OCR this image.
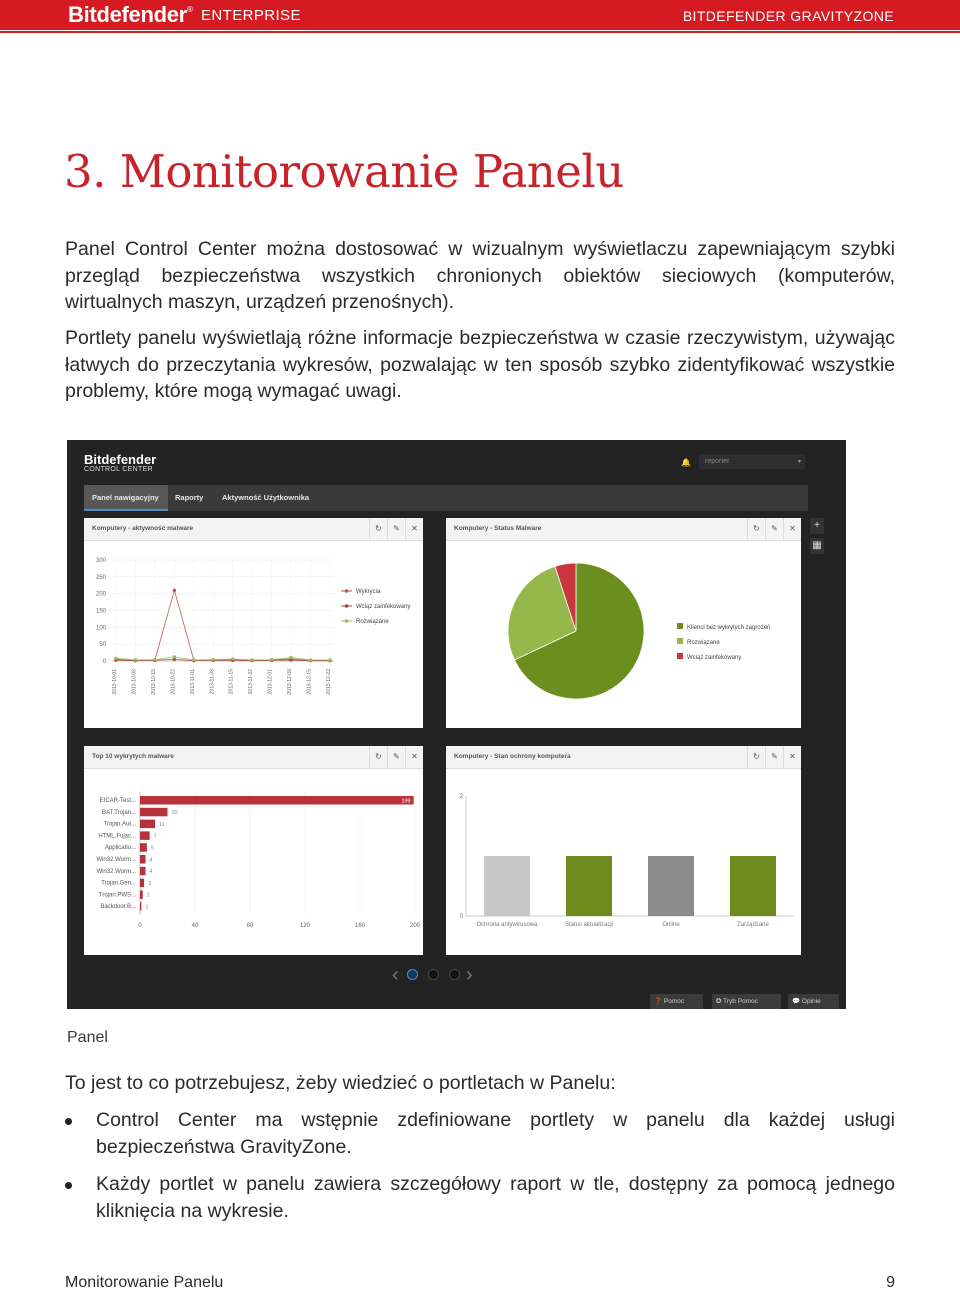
Bitdefender® ENTERPRISE	BITDEFENDER GRAVITYZONE
3. Monitorowanie Panelu
Panel Control Center można dostosować w wizualnym wyświetlaczu zapewniającym szybki przegląd bezpieczeństwa wszystkich chronionych obiektów sieciowych (komputerów, wirtualnych maszyn, urządzeń przenośnych).
Portlety panelu wyświetlają różne informacje bezpieczeństwa w czasie rzeczywistym, używając łatwych do przeczytania wykresów, pozwalając w ten sposób szybko zidentyfikować wszystkie problemy, które mogą wymagać uwagi.
Bitdefender
CONTROL CENTER
🔔	reporter	▾
Panel nawigacyjny	Raporty Aktywność Użytkownika
+
▦
Komputery - aktywność malware	↻ ✎ ✕
0
50
100
150
200
250
300
2013-10-01	2013-10-08	2013-10-15	2013-10-22	2013-11-01	2013-11-08	2013-11-15	2013-11-22	2013-12-01	2013-12-08	2013-12-15	2013-12-22
Wykrycia
Wciąż zainfekowany
Rozwiązane
Komputery - Status Malware	↻ ✎ ✕
Klienci bez wykrytych zagrożeń
Rozwiązane
Wciąż zainfekowany
Top 10 wykrytych malware	↻ ✎ ✕
0	40	80	120	160	200
EICAR-Test...	199
BAT.Trojan...	20
Trojan.Aut...	11
HTML.Fujac...	7
Applicatio...	5
Win32.Worm... 4
Win32.Worm... 4
Trojan.Gen... 3
Trojan.PWS... 2
Backdoor.B... 1
Komputery - Stan ochrony komputera	↻ ✎ ✕
0
2
Ochrona antywirusowa	Status aktualizacji	Online	Zarządzane
‹	›
❓ Pomoc	✪ Tryb Pomoc	💬 Opinie
Panel
To jest to co potrzebujesz, żeby wiedzieć o portletach w Panelu:
Control Center ma wstępnie zdefiniowane portlety w panelu dla każdej usługi bezpieczeństwa GravityZone.
Każdy portlet w panelu zawiera szczegółowy raport w tle, dostępny za pomocą jednego kliknięcia na wykresie.
Monitorowanie Panelu	9
